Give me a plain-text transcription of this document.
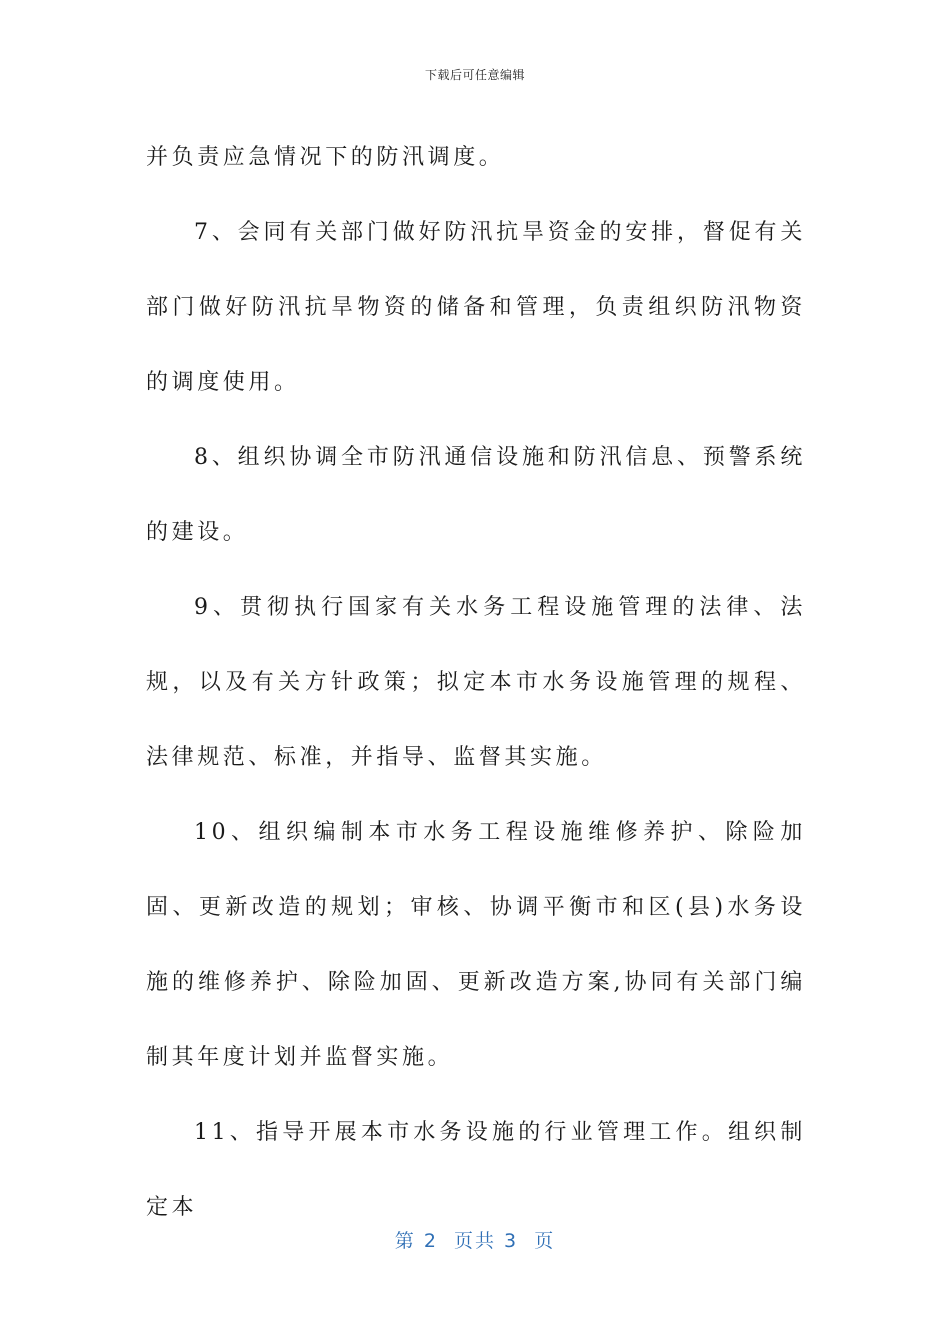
下载后可任意编辑

并负责应急情况下的防汛调度。

7、会同有关部门做好防汛抗旱资金的安排，督促有关部门做好防汛抗旱物资的储备和管理，负责组织防汛物资的调度使用。

8、组织协调全市防汛通信设施和防汛信息、预警系统的建设。

9、贯彻执行国家有关水务工程设施管理的法律、法规，以及有关方针政策；拟定本市水务设施管理的规程、法律规范、标准，并指导、监督其实施。

10、组织编制本市水务工程设施维修养护、除险加固、更新改造的规划；审核、协调平衡市和区(县)水务设施的维修养护、除险加固、更新改造方案,协同有关部门编制其年度计划并监督实施。

11、指导开展本市水务设施的行业管理工作。组织制定本

第 2  页共 3  页
